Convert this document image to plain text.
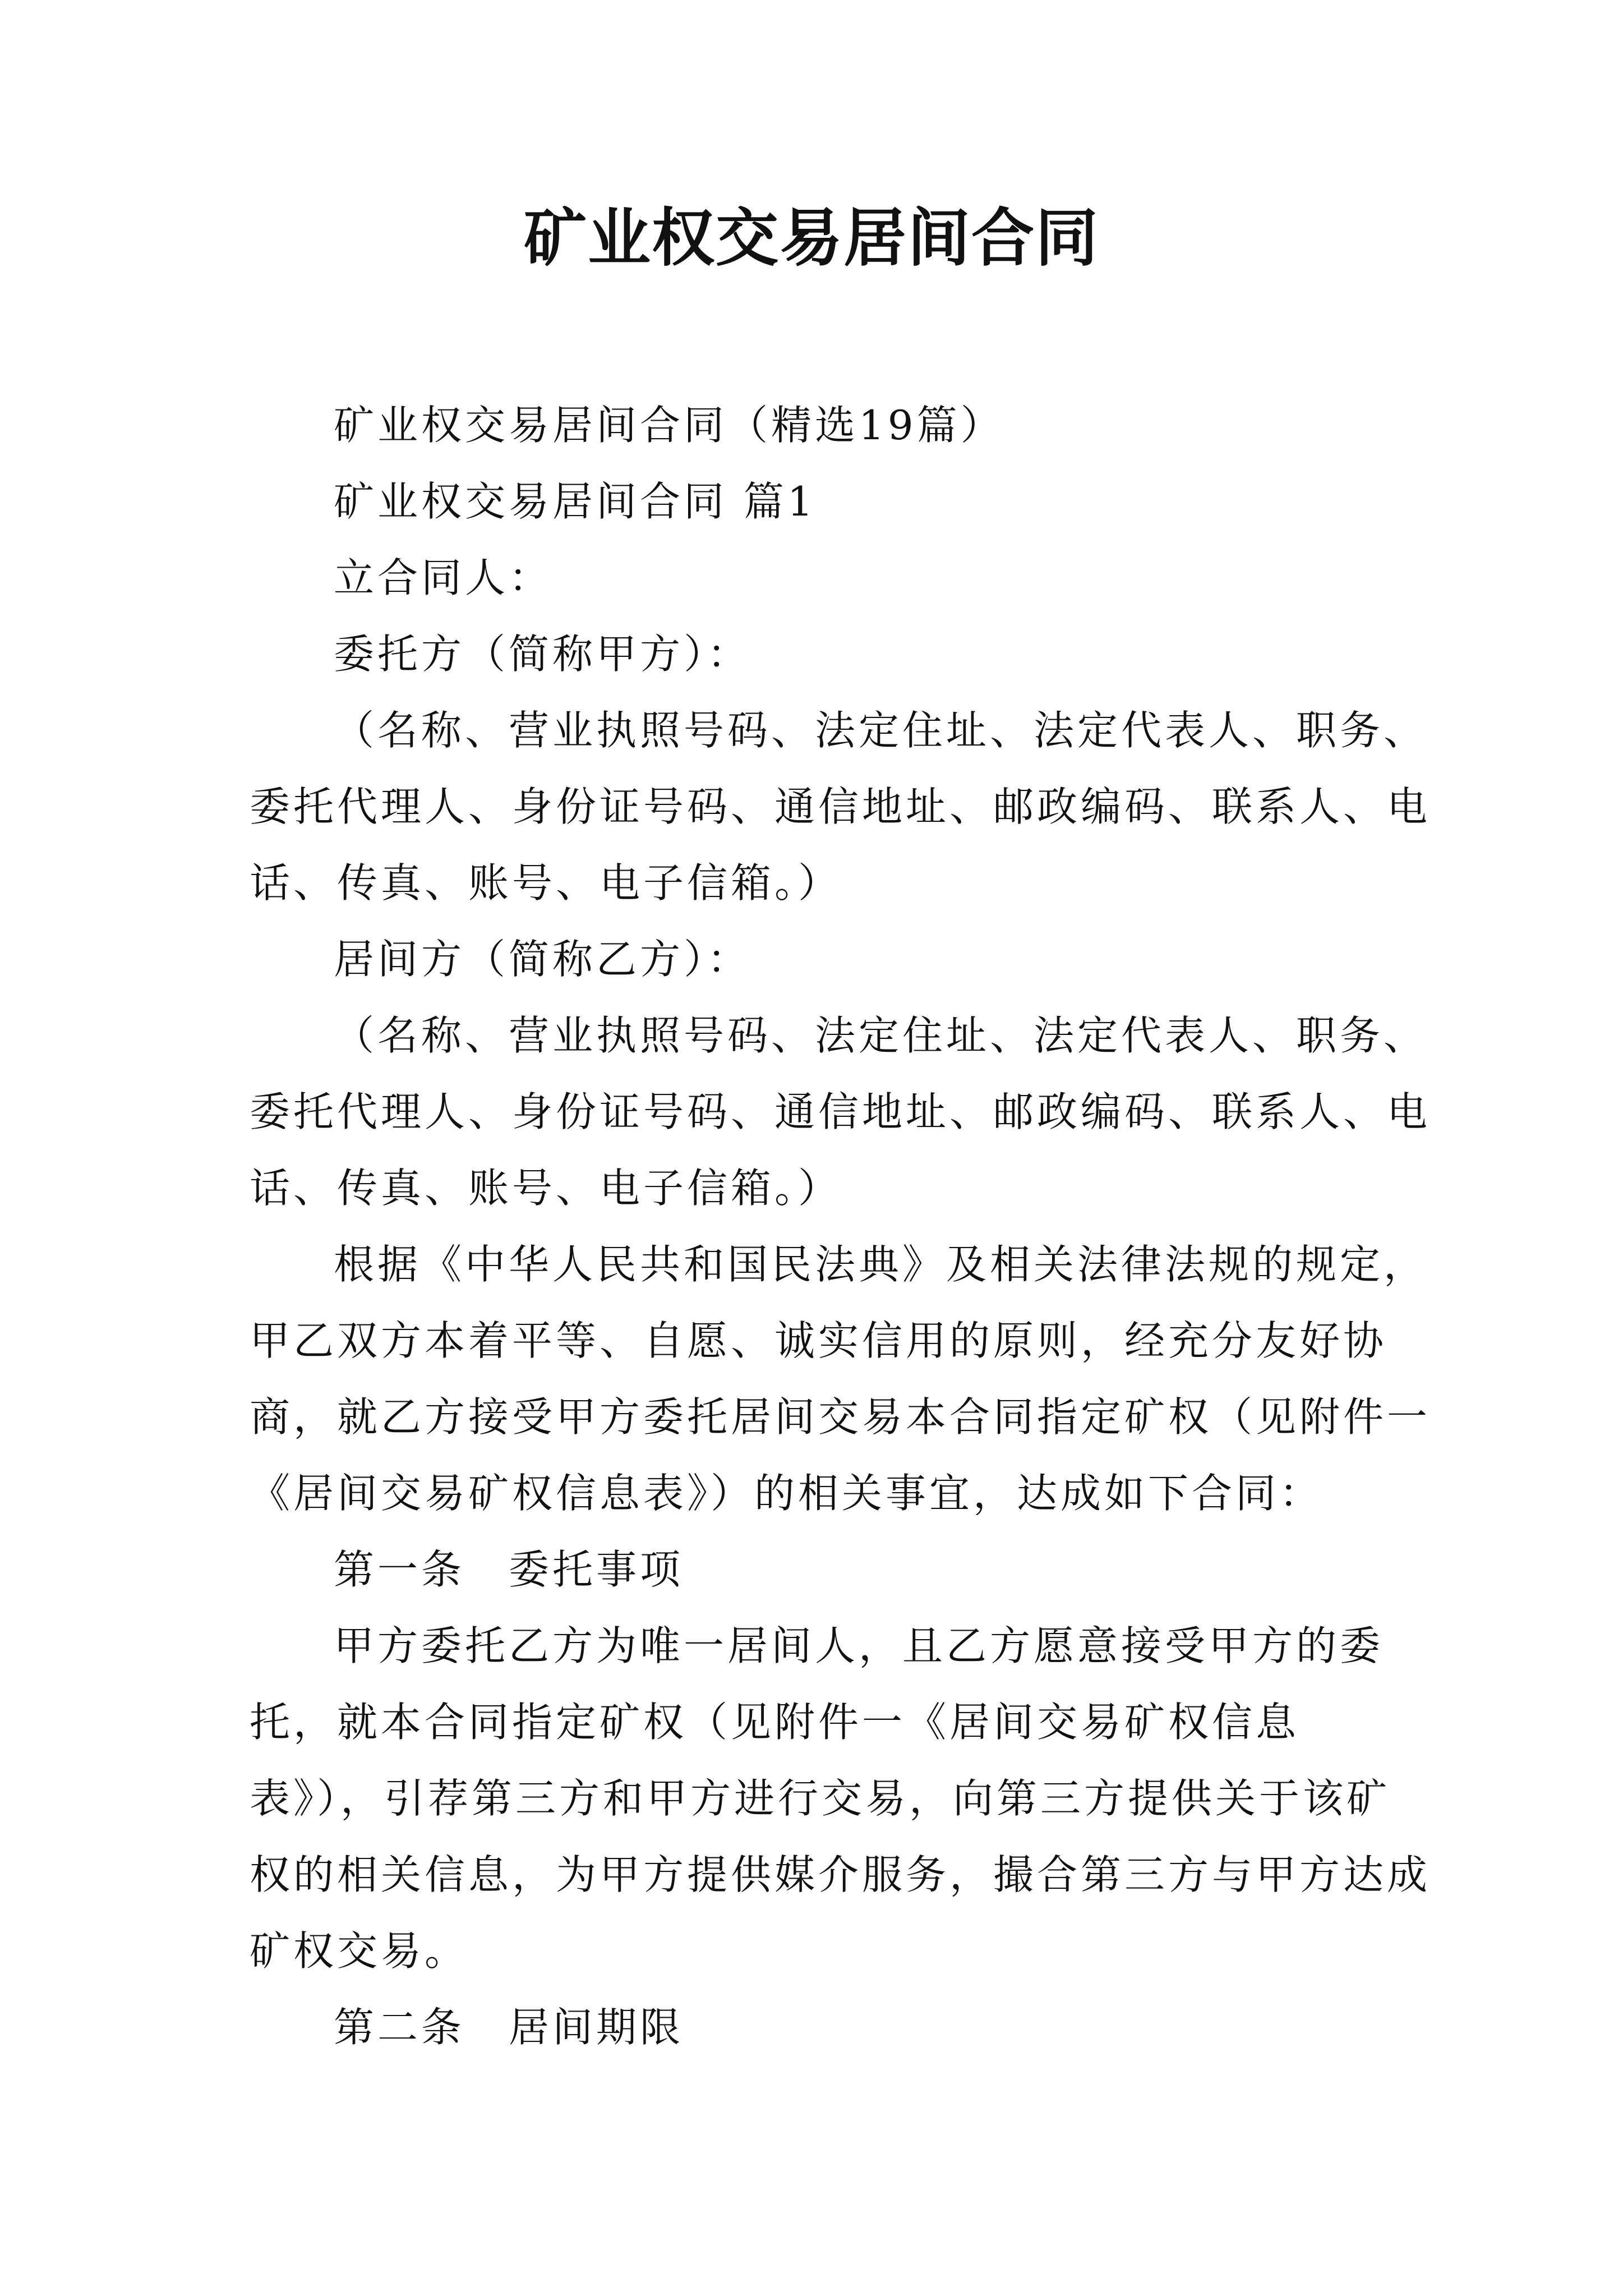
矿业权交易居间合同

矿业权交易居间合同（精选19篇）

矿业权交易居间合同 篇1

立合同人：

委托方（简称甲方）：

（名称、营业执照号码、法定住址、法定代表人、职务、委托代理人、身份证号码、通信地址、邮政编码、联系人、电话、传真、账号、电子信箱。）

居间方（简称乙方）：

（名称、营业执照号码、法定住址、法定代表人、职务、委托代理人、身份证号码、通信地址、邮政编码、联系人、电话、传真、账号、电子信箱。）

根据《中华人民共和国民法典》及相关法律法规的规定，甲乙双方本着平等、自愿、诚实信用的原则，经充分友好协商，就乙方接受甲方委托居间交易本合同指定矿权（见附件一《居间交易矿权信息表》）的相关事宜，达成如下合同：

第一条　委托事项

甲方委托乙方为唯一居间人，且乙方愿意接受甲方的委托，就本合同指定矿权（见附件一《居间交易矿权信息表》），引荐第三方和甲方进行交易，向第三方提供关于该矿权的相关信息，为甲方提供媒介服务，撮合第三方与甲方达成矿权交易。

第二条　居间期限
